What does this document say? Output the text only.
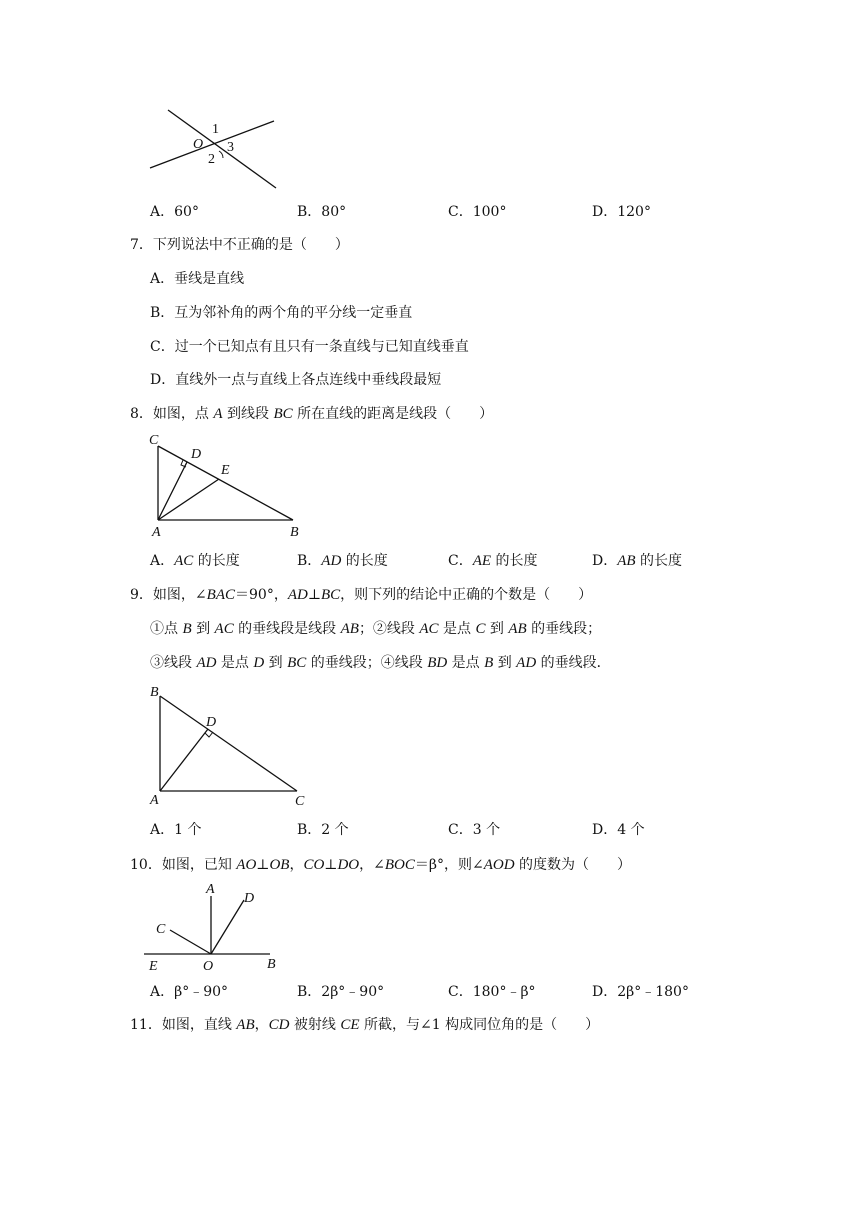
O
1
2
3
A．60°	B．80°	C．100°	D．120°
7．下列说法中不正确的是（　　）
A．垂线是直线
B．互为邻补角的两个角的平分线一定垂直
C．过一个已知点有且只有一条直线与已知直线垂直
D．直线外一点与直线上各点连线中垂线段最短
8．如图，点 A 到线段 BC 所在直线的距离是线段（　　）
C
D
E
A	B
A．AC 的长度	B．AD 的长度	C．AE 的长度	D．AB 的长度
9．如图，∠BAC＝90°，AD⊥BC，则下列的结论中正确的个数是（　　）
①点 B 到 AC 的垂线段是线段 AB；②线段 AC 是点 C 到 AB 的垂线段；
③线段 AD 是点 D 到 BC 的垂线段；④线段 BD 是点 B 到 AD 的垂线段．
B
D
A	C
A．1 个	B．2 个	C．3 个	D．4 个
10．如图，已知 AO⊥OB，CO⊥DO，∠BOC＝β°，则∠AOD 的度数为（　　）
A
D
C
E	O	B
A．β°﹣90°	B．2β°﹣90°	C．180°﹣β°	D．2β°﹣180°
11．如图，直线 AB，CD 被射线 CE 所截，与∠1 构成同位角的是（　　）
